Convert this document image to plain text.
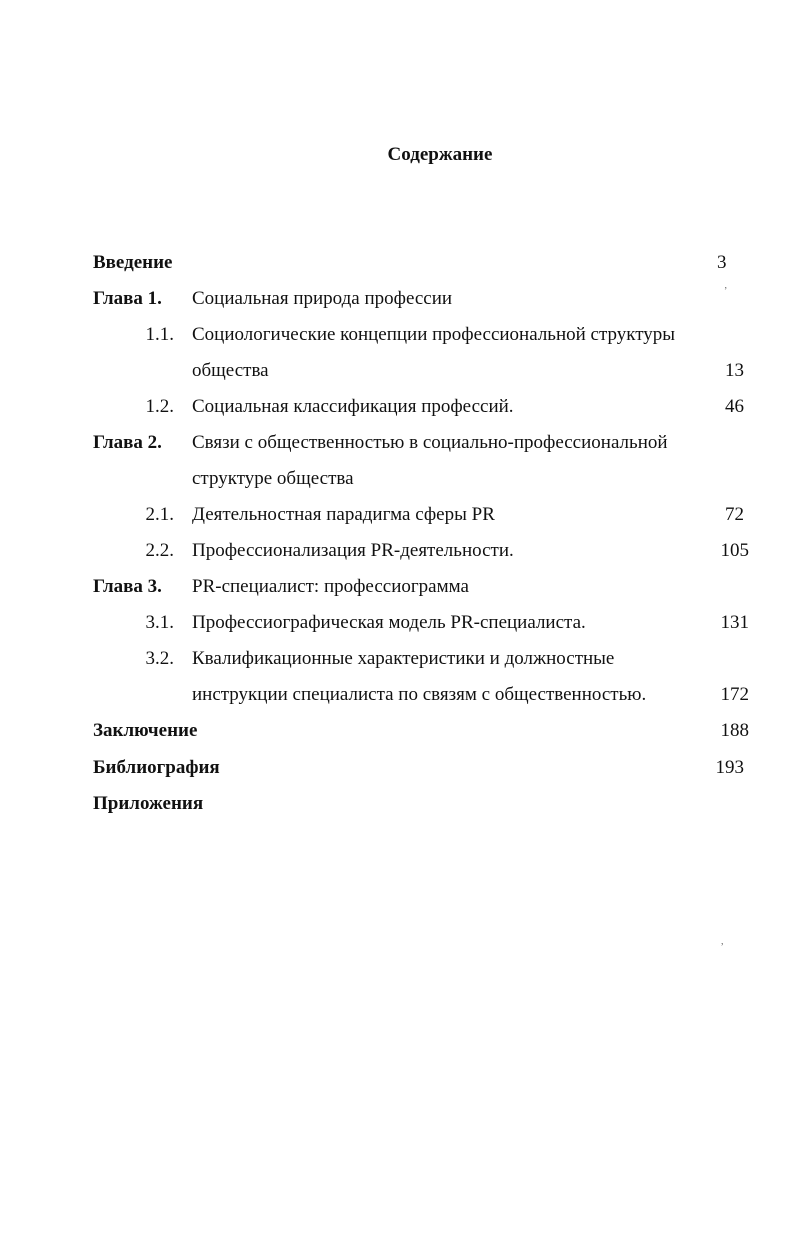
Содержание
Введение	3
Глава 1. Социальная природа профессии
1.1. Социологические концепции профессиональной структуры
общества	13
1.2. Социальная классификация профессий.	46
Глава 2. Связи с общественностью в социально-профессиональной
структуре общества
2.1. Деятельностная парадигма сферы PR	72
2.2. Профессионализация PR-деятельности.	105
Глава 3. PR-специалист: профессиограмма
3.1. Профессиографическая модель PR-специалиста.	131
3.2. Квалификационные характеристики и должностные
инструкции специалиста по связям с общественностью.	172
Заключение	188
Библиография	193
Приложения
’
,
